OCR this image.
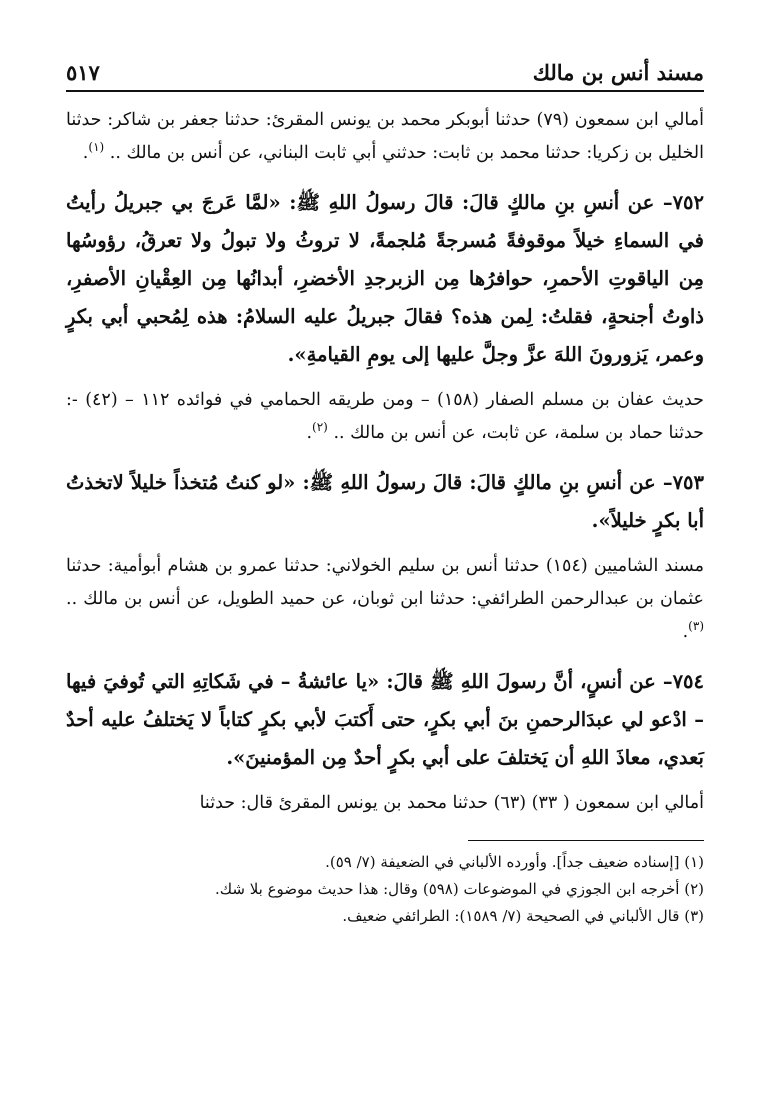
مسند أنس بن مالك
٥١٧

أمالي ابن سمعون (٧٩) حدثنا أبوبكر محمد بن يونس المقرئ: حدثنا جعفر بن شاكر: حدثنا الخليل بن زكريا: حدثنا محمد بن ثابت: حدثني أبي ثابت البناني، عن أنس بن مالك .. $^{(١)}$.

٧٥٢– عن أنسِ بنِ مالكٍ قالَ: قالَ رسولُ اللهِ ﷺ: «لمَّا عَرجَ بي جبريلُ رأيتُ في السماءِ خيلاً موقوفةً مُسرجةً مُلجمةً، لا تروثُ ولا تبولُ ولا تعرقُ، رؤوسُها مِن الياقوتِ الأحمرِ، حوافرُها مِن الزبرجدِ الأخضرِ، أبدانُها مِن العِقْيانِ الأصفرِ، ذاوتُ أجنحةٍ، فقلتُ: لِمن هذه؟ فقالَ جبريلُ عليه السلامُ: هذه لِمُحبي أبي بكرٍ وعمر، يَزورونَ اللهَ عزَّ وجلَّ عليها إلى يومِ القيامةِ».

حديث عفان بن مسلم الصفار (١٥٨) – ومن طريقه الحمامي في فوائده ١١٢ – (٤٢) -: حدثنا حماد بن سلمة، عن ثابت، عن أنس بن مالك .. $^{(٢)}$.

٧٥٣– عن أنسِ بنِ مالكٍ قالَ: قالَ رسولُ اللهِ ﷺ: «لو كنتُ مُتخذاً خليلاً لاتخذتُ أبا بكرٍ خليلاً».

مسند الشاميين (١٥٤) حدثنا أنس بن سليم الخولاني: حدثنا عمرو بن هشام أبوأمية: حدثنا عثمان بن عبدالرحمن الطرائفي: حدثنا ابن ثوبان، عن حميد الطويل، عن أنس بن مالك .. $^{(٣)}$.

٧٥٤– عن أنسٍ، أنَّ رسولَ اللهِ ﷺ قالَ: «يا عائشةُ – في شَكاتِهِ التي تُوفيَ فيها – ادْعو لي عبدَالرحمنِ بنَ أبي بكرٍ، حتى أَكتبَ لأبي بكرٍ كتاباً لا يَختلفُ عليه أحدٌ بَعدي، معاذَ اللهِ أن يَختلفَ على أبي بكرٍ أحدٌ مِن المؤمنينَ».

أمالي ابن سمعون ( ٣٣) (٦٣) حدثنا محمد بن يونس المقرئ قال: حدثنا

(١) [إسناده ضعيف جداً]. وأورده الألباني في الضعيفة (٧/ ٥٩).
(٢) أخرجه ابن الجوزي في الموضوعات (٥٩٨) وقال: هذا حديث موضوع بلا شك.
(٣) قال الألباني في الصحيحة (٧/ ١٥٨٩): الطرائفي ضعيف.
